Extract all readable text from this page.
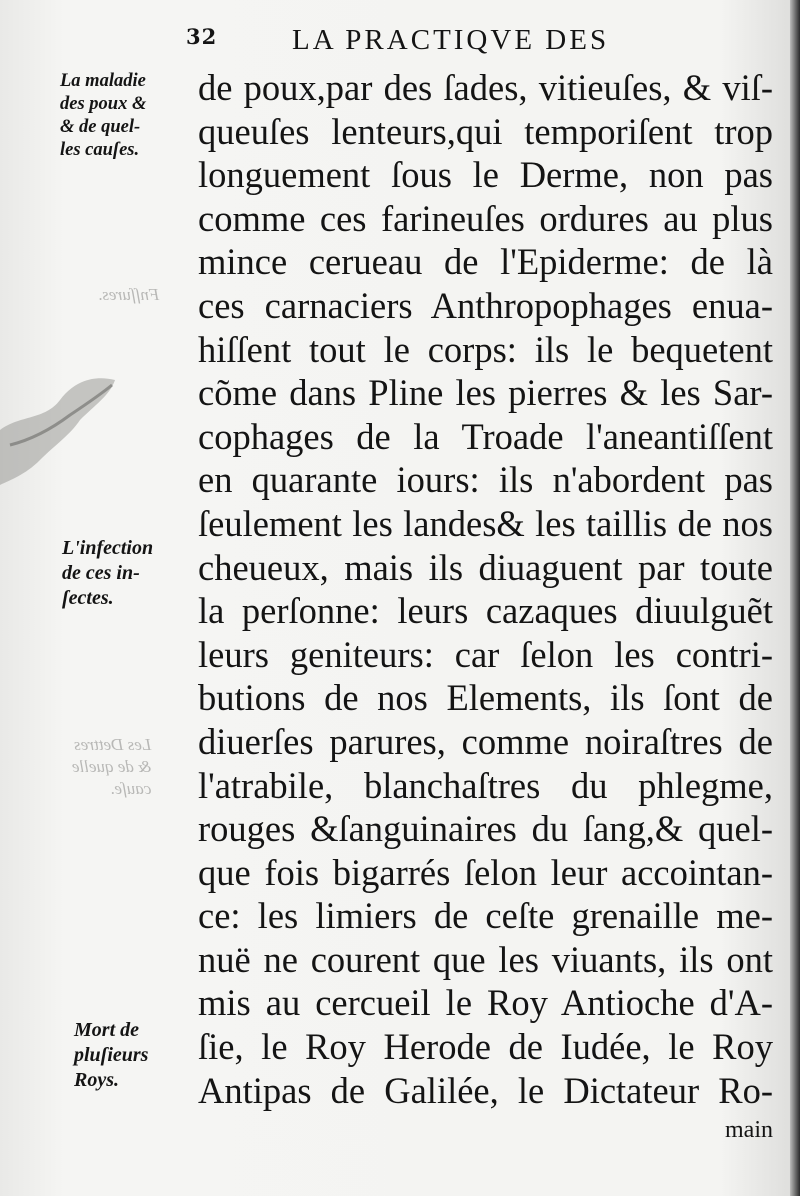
Fnſſures.
Les Dettres
& de quelle
cauſe.
32	LA PRACTIQVE DES
La maladie
des poux &
& de quel-
les cauſes.
L'infection
de ces in-
ſectes.
Mort de
pluſieurs
Roys.
de poux,par des ſades, vitieuſes, & viſ-
queuſes lenteurs,qui temporiſent trop
longuement ſous le Derme, non pas
comme ces farineuſes ordures au plus
mince cerueau de l'Epiderme: de là
ces carnaciers Anthropophages enua-
hiſſent tout le corps: ils le bequetent
cõme dans Pline les pierres & les Sar-
cophages de la Troade l'aneantiſſent
en quarante iours: ils n'abordent pas
ſeulement les landes& les taillis de nos
cheueux, mais ils diuaguent par toute
la perſonne: leurs cazaques diuulguẽt
leurs geniteurs: car ſelon les contri-
butions de nos Elements, ils ſont de
diuerſes parures, comme noiraſtres de
l'atrabile, blanchaſtres du phlegme,
rouges &ſanguinaires du ſang,& quel-
que fois bigarrés ſelon leur accointan-
ce: les limiers de ceſte grenaille me-
nuë ne courent que les viuants, ils ont
mis au cercueil le Roy Antioche d'A-
ſie, le Roy Herode de Iudée, le Roy
Antipas de Galilée, le Dictateur Ro-
main
